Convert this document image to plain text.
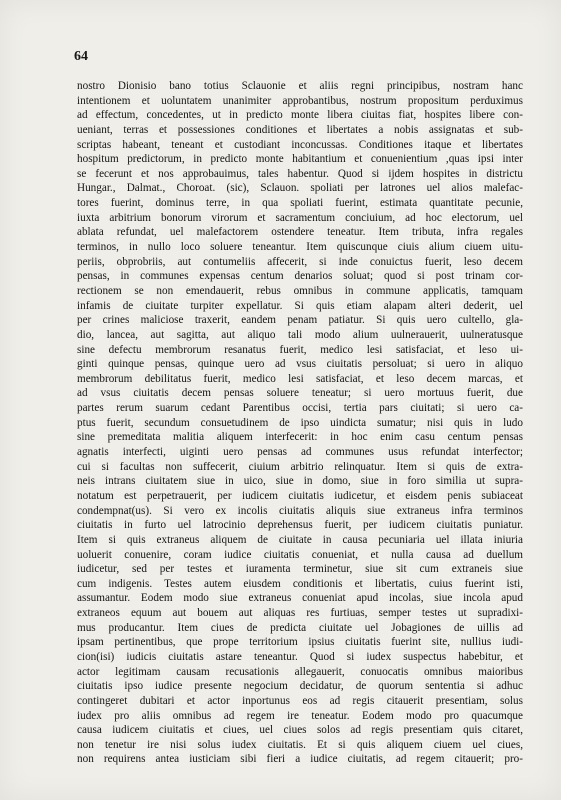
64
nostro Dionisio bano totius Sclauonie et aliis regni principibus, nostram hanc
intentionem et uoluntatem unanimiter approbantibus, nostrum propositum perduximus
ad effectum, concedentes, ut in predicto monte libera ciuitas fiat, hospites libere con-
ueniant, terras et possessiones conditiones et libertates a nobis assignatas et sub-
scriptas habeant, teneant et custodiant inconcussas. Conditiones itaque et libertates
hospitum predictorum, in predicto monte habitantium et conuenientium ,quas ipsi inter
se fecerunt et nos approbauimus, tales habentur. Quod si ijdem hospites in districtu
Hungar., Dalmat., Choroat. (sic), Sclauon. spoliati per latrones uel alios malefac-
tores fuerint, dominus terre, in qua spoliati fuerint, estimata quantitate pecunie,
iuxta arbitrium bonorum virorum et sacramentum conciuium, ad hoc electorum, uel
ablata refundat, uel malefactorem ostendere teneatur. Item tributa, infra regales
terminos, in nullo loco soluere teneantur. Item quiscunque ciuis alium ciuem uitu-
periis, obprobriis, aut contumeliis affecerit, si inde conuictus fuerit, leso decem
pensas, in communes expensas centum denarios soluat; quod si post trinam cor-
rectionem se non emendauerit, rebus omnibus in commune applicatis, tamquam
infamis de ciuitate turpiter expellatur. Si quis etiam alapam alteri dederit, uel
per crines maliciose traxerit, eandem penam patiatur. Si quis uero cultello, gla-
dio, lancea, aut sagitta, aut aliquo tali modo alium uulnerauerit, uulneratusque
sine defectu membrorum resanatus fuerit, medico lesi satisfaciat, et leso ui-
ginti quinque pensas, quinque uero ad vsus ciuitatis persoluat; si uero in aliquo
membrorum debilitatus fuerit, medico lesi satisfaciat, et leso decem marcas, et
ad vsus ciuitatis decem pensas soluere teneatur; si uero mortuus fuerit, due
partes rerum suarum cedant Parentibus occisi, tertia pars ciuitati; si uero ca-
ptus fuerit, secundum consuetudinem de ipso uindicta sumatur; nisi quis in ludo
sine premeditata malitia aliquem interfecerit: in hoc enim casu centum pensas
agnatis interfecti, uiginti uero pensas ad communes usus refundat interfector;
cui si facultas non suffecerit, ciuium arbitrio relinquatur. Item si quis de extra-
neis intrans ciuitatem siue in uico, siue in domo, siue in foro similia ut supra-
notatum est perpetrauerit, per iudicem ciuitatis iudicetur, et eisdem penis subiaceat
condempnat(us). Si vero ex incolis ciuitatis aliquis siue extraneus infra terminos
ciuitatis in furto uel latrocinio deprehensus fuerit, per iudicem ciuitatis puniatur.
Item si quis extraneus aliquem de ciuitate in causa pecuniaria uel illata iniuria
uoluerit conuenire, coram iudice ciuitatis conueniat, et nulla causa ad duellum
iudicetur, sed per testes et iuramenta terminetur, siue sit cum extraneis siue
cum indigenis. Testes autem eiusdem conditionis et libertatis, cuius fuerint isti,
assumantur. Eodem modo siue extraneus conueniat apud incolas, siue incola apud
extraneos equum aut bouem aut aliquas res furtiuas, semper testes ut supradixi-
mus producantur. Item ciues de predicta ciuitate uel Jobagiones de uillis ad
ipsam pertinentibus, que prope territorium ipsius ciuitatis fuerint site, nullius iudi-
cion(isi) iudicis ciuitatis astare teneantur. Quod si iudex suspectus habebitur, et
actor legitimam causam recusationis allegauerit, conuocatis omnibus maioribus
ciuitatis ipso iudice presente negocium decidatur, de quorum sententia si adhuc
contingeret dubitari et actor inportunus eos ad regis citauerit presentiam, solus
iudex pro aliis omnibus ad regem ire teneatur. Eodem modo pro quacumque
causa iudicem ciuitatis et ciues, uel ciues solos ad regis presentiam quis citaret,
non tenetur ire nisi solus iudex ciuitatis. Et si quis aliquem ciuem uel ciues,
non requirens antea iusticiam sibi fieri a iudice ciuitatis, ad regem citauerit; pro-
